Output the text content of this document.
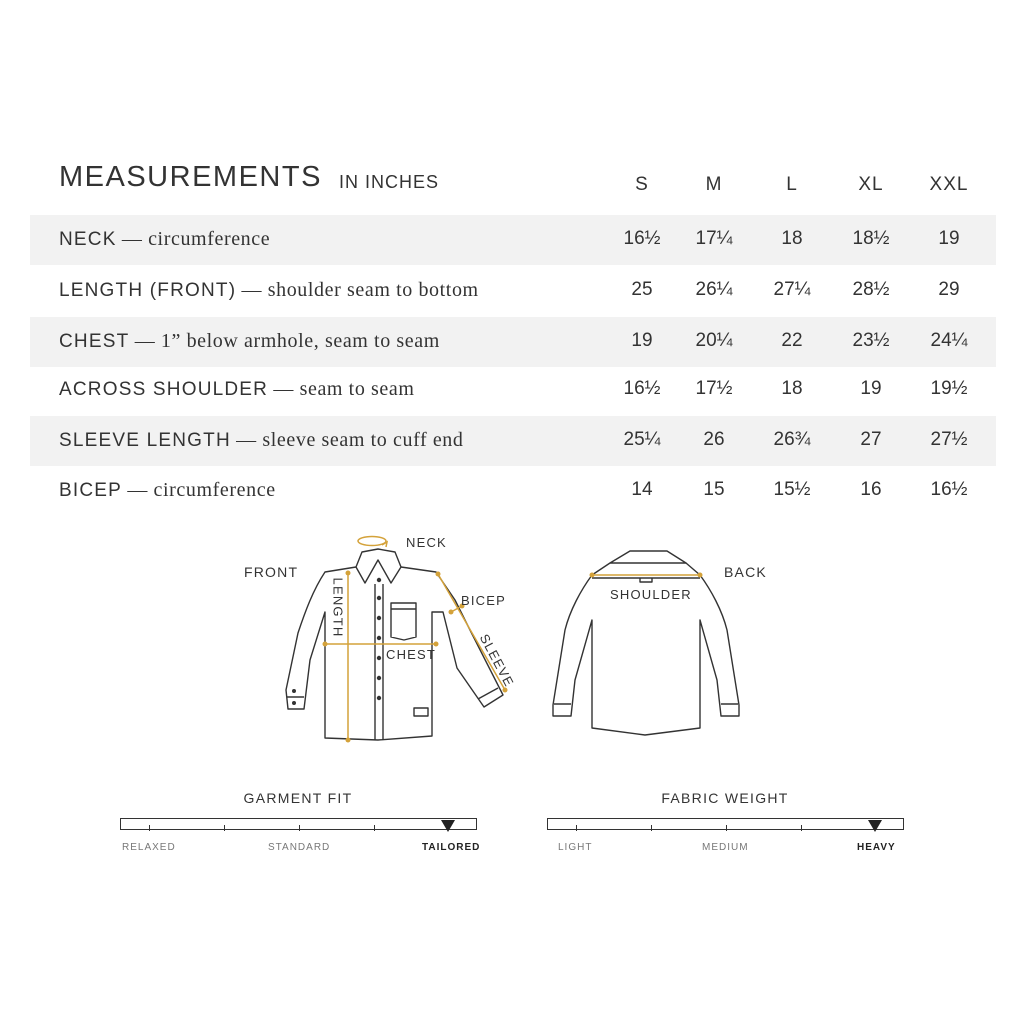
MEASUREMENTS IN INCHES	S	M	L	XL	XXL
NECK — circumference	16½	17¼	18	18½	19
LENGTH (FRONT) — shoulder seam to bottom	25	26¼	27¼	28½	29
CHEST — 1” below armhole, seam to seam	19	20¼	22	23½	24¼
ACROSS SHOULDER — seam to seam	16½	17½	18	19	19½
SLEEVE LENGTH — sleeve seam to cuff end	25¼	26	26¾	27	27½
BICEP — circumference	14	15	15½	16	16½
NECK
FRONT
LENGTH	BICEP
CHEST	SLEEVE
SHOULDER
BACK
GARMENT FIT
RELAXED	STANDARD	TAILORED
FABRIC WEIGHT
LIGHT	MEDIUM	HEAVY
